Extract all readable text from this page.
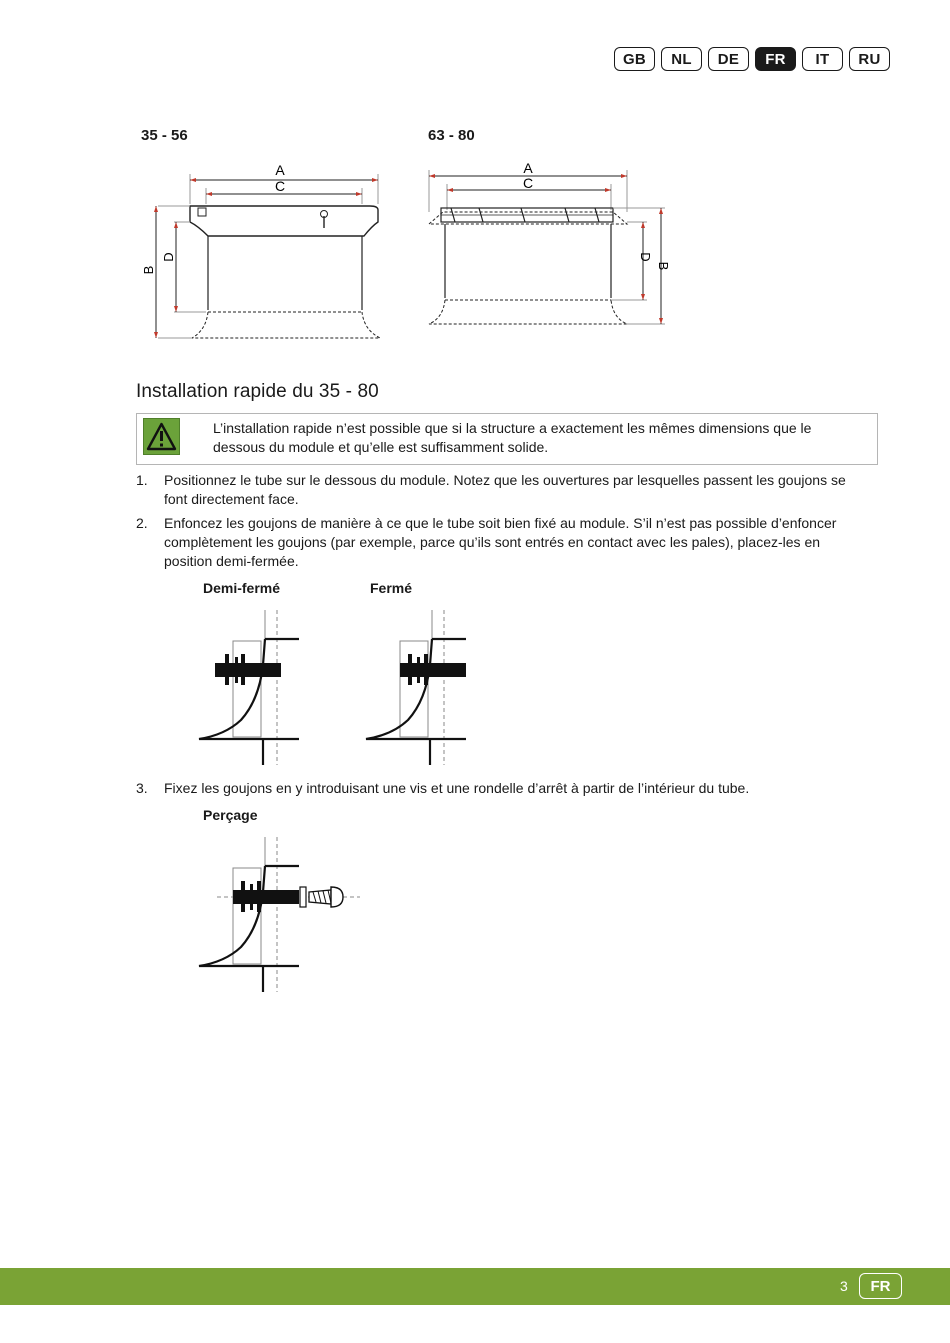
GB	NL	DE	FR	IT	RU
35 - 56	63 - 80
A
C
B
D
A
C
D
B
Installation rapide du 35 - 80
L’installation rapide n’est possible que si la structure a exactement les mêmes dimensions que le dessous du module et qu’elle est suffisamment solide.
1. Positionnez le tube sur le dessous du module. Notez que les ouvertures par lesquelles passent les goujons se font directement face.
2. Enfoncez les goujons de manière à ce que le tube soit bien fixé au module. S’il n’est pas possible d’enfoncer complètement les goujons (par exemple, parce qu’ils sont entrés en contact avec les pales), placez-les en position demi-fermée.
Demi-fermé	Fermé
3. Fixez les goujons en y introduisant une vis et une rondelle d’arrêt à partir de l’intérieur du tube.
Perçage
3	FR
